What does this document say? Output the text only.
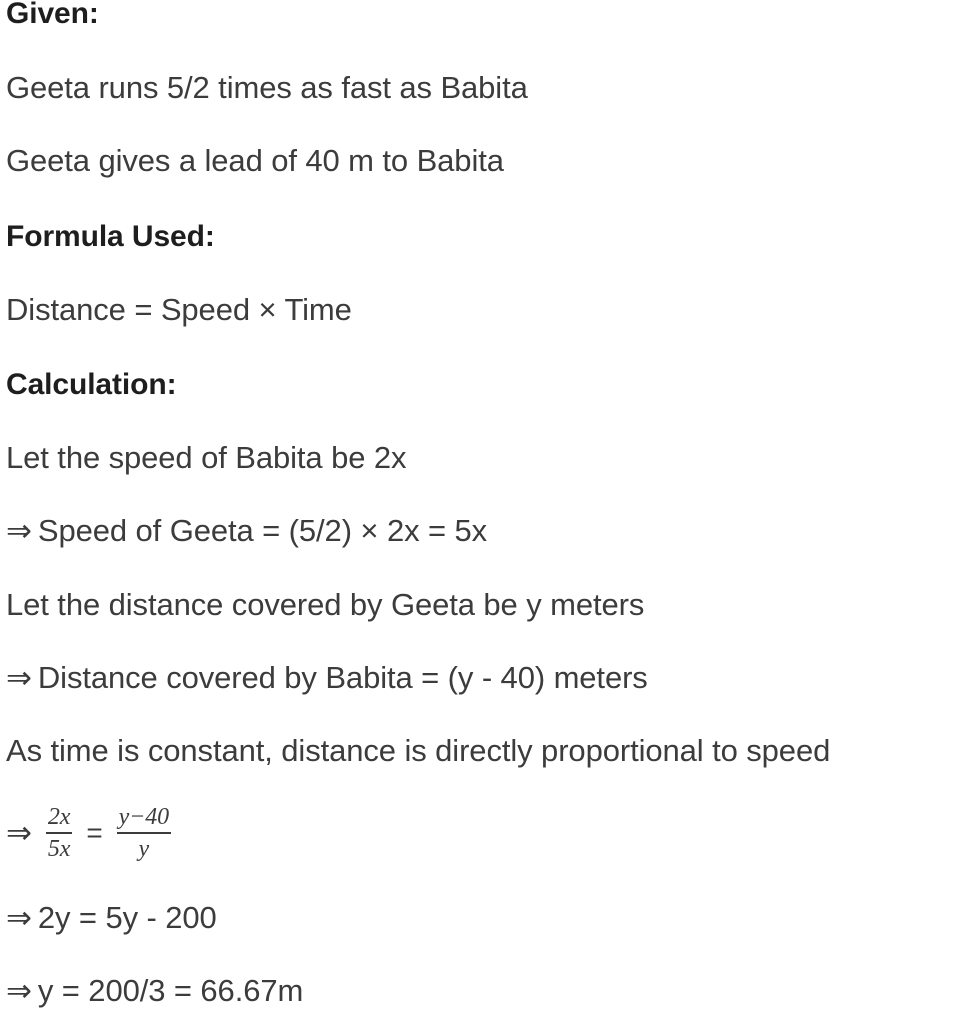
Given:
Geeta runs 5/2 times as fast as Babita
Geeta gives a lead of 40 m to Babita
Formula Used:
Distance = Speed × Time
Calculation:
Let the speed of Babita be 2x
⇒ Speed of Geeta = (5/2) × 2x = 5x
Let the distance covered by Geeta be y meters
⇒ Distance covered by Babita = (y - 40) meters
As time is constant, distance is directly proportional to speed
⇒ $\frac{2x}{5x} = \frac{y-40}{y}$
⇒ 2y = 5y - 200
⇒ y = 200/3 = 66.67m
